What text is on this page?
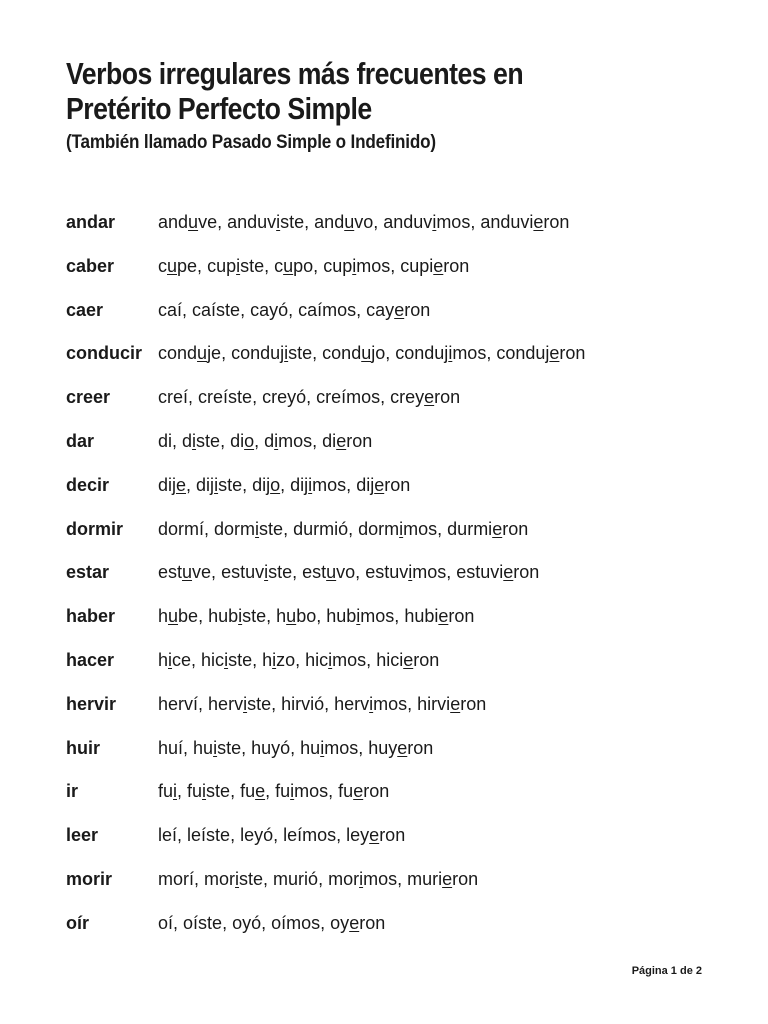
Verbos irregulares más frecuentes en
Pretérito Perfecto Simple
(También llamado Pasado Simple o Indefinido)
andar anduve, anduviste, anduvo, anduvimos, anduvieron
caber cupe, cupiste, cupo, cupimos, cupieron
caer	caí, caíste, cayó, caímos, cayeron
conducir conduje, condujiste, condujo, condujimos, condujeron
creer	creí, creíste, creyó, creímos, creyeron
dar	di, diste, dio, dimos, dieron
decir	dije, dijiste, dijo, dijimos, dijeron
dormir dormí, dormiste, durmió, dormimos, durmieron
estar	estuve, estuviste, estuvo, estuvimos, estuvieron
haber hube, hubiste, hubo, hubimos, hubieron
hacer hice, hiciste, hizo, hicimos, hicieron
hervir herví, herviste, hirvió, hervimos, hirvieron
huir	huí, huiste, huyó, huimos, huyeron
ir	fui, fuiste, fue, fuimos, fueron
leer	leí, leíste, leyó, leímos, leyeron
morir	morí, moriste, murió, morimos, murieron
oír	oí, oíste, oyó, oímos, oyeron
Página 1 de 2
